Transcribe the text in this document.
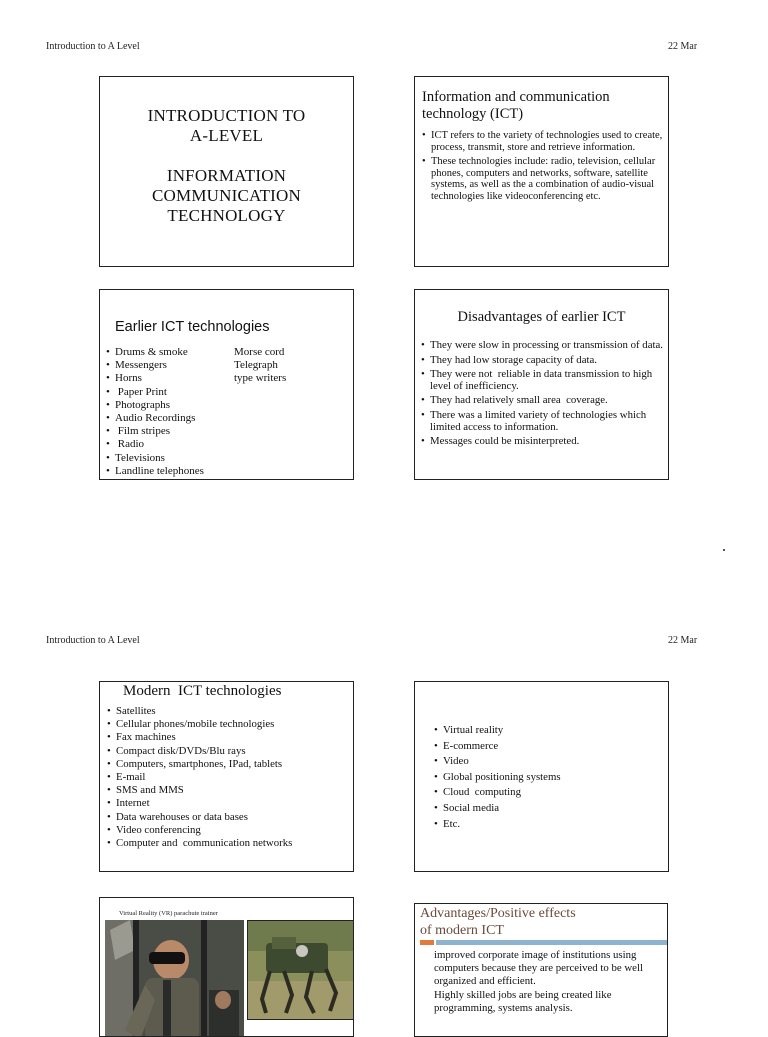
Introduction to A Level	22 Mar
INTRODUCTION TO
A-LEVEL
INFORMATION
COMMUNICATION
TECHNOLOGY
Information and communication technology (ICT)
• ICT refers to the variety of technologies used to create, process, transmit, store and retrieve information.
• These technologies include: radio, television, cellular phones, computers and networks, software, satellite systems, as well as the a combination of audio-visual technologies like videoconferencing etc.
Earlier ICT technologies
• Drums & smoke
• Messengers
• Horns
•  Paper Print
• Photographs
• Audio Recordings
•  Film stripes
•  Radio
• Televisions
• Landline telephones
Morse cord
Telegraph
type writers
Disadvantages of earlier ICT
• They were slow in processing or transmission of data.
• They had low storage capacity of data.
• They were not  reliable in data transmission to high  level of inefficiency.
• They had relatively small area  coverage.
• There was a limited variety of technologies which limited access to information.
• Messages could be misinterpreted.
Introduction to A Level	22 Mar
Modern  ICT technologies
• Satellites
• Cellular phones/mobile technologies
• Fax machines
• Compact disk/DVDs/Blu rays
• Computers, smartphones, IPad, tablets
• E-mail
• SMS and MMS
• Internet
• Data warehouses or data bases
• Video conferencing
• Computer and  communication networks
• Virtual reality
• E-commerce
• Video
• Global positioning systems
• Cloud  computing
• Social media
• Etc.
Virtual Reality (VR) parachute trainer	Advantages/Positive effects
of modern ICT
improved corporate image of institutions using computers because they are perceived to be well organized and efficient.
Highly skilled jobs are being created like programming, systems analysis.
